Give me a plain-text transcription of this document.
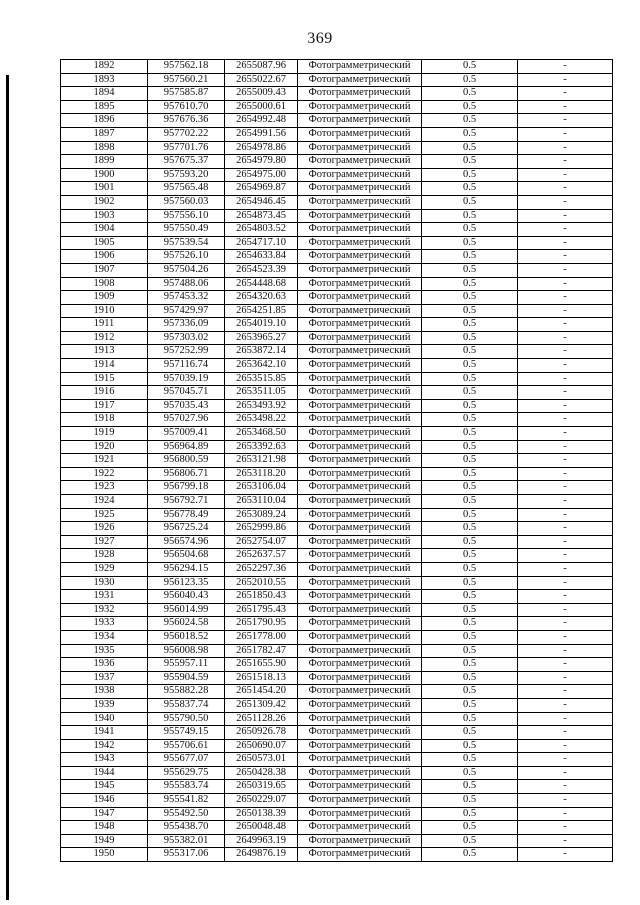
369
1892	957562.18	2655087.96	Фотограмметрический	0.5	-
1893	957560.21	2655022.67	Фотограмметрический	0.5	-
1894	957585.87	2655009.43	Фотограмметрический	0.5	-
1895	957610.70	2655000.61	Фотограмметрический	0.5	-
1896	957676.36	2654992.48	Фотограмметрический	0.5	-
1897	957702.22	2654991.56	Фотограмметрический	0.5	-
1898	957701.76	2654978.86	Фотограмметрический	0.5	-
1899	957675.37	2654979.80	Фотограмметрический	0.5	-
1900	957593.20	2654975.00	Фотограмметрический	0.5	-
1901	957565.48	2654969.87	Фотограмметрический	0.5	-
1902	957560.03	2654946.45	Фотограмметрический	0.5	-
1903	957556.10	2654873.45	Фотограмметрический	0.5	-
1904	957550.49	2654803.52	Фотограмметрический	0.5	-
1905	957539.54	2654717.10	Фотограмметрический	0.5	-
1906	957526.10	2654633.84	Фотограмметрический	0.5	-
1907	957504.26	2654523.39	Фотограмметрический	0.5	-
1908	957488.06	2654448.68	Фотограмметрический	0.5	-
1909	957453.32	2654320.63	Фотограмметрический	0.5	-
1910	957429.97	2654251.85	Фотограмметрический	0.5	-
1911	957336.09	2654019.10	Фотограмметрический	0.5	-
1912	957303.02	2653965.27	Фотограмметрический	0.5	-
1913	957252.99	2653872.14	Фотограмметрический	0.5	-
1914	957116.74	2653642.10	Фотограмметрический	0.5	-
1915	957039.19	2653515.85	Фотограмметрический	0.5	-
1916	957045.71	2653511.05	Фотограмметрический	0.5	-
1917	957035.43	2653493.92	Фотограмметрический	0.5	-
1918	957027.96	2653498.22	Фотограмметрический	0.5	-
1919	957009.41	2653468.50	Фотограмметрический	0.5	-
1920	956964.89	2653392.63	Фотограмметрический	0.5	-
1921	956800.59	2653121.98	Фотограмметрический	0.5	-
1922	956806.71	2653118.20	Фотограмметрический	0.5	-
1923	956799.18	2653106.04	Фотограмметрический	0.5	-
1924	956792.71	2653110.04	Фотограмметрический	0.5	-
1925	956778.49	2653089.24	Фотограмметрический	0.5	-
1926	956725.24	2652999.86	Фотограмметрический	0.5	-
1927	956574.96	2652754.07	Фотограмметрический	0.5	-
1928	956504.68	2652637.57	Фотограмметрический	0.5	-
1929	956294.15	2652297.36	Фотограмметрический	0.5	-
1930	956123.35	2652010.55	Фотограмметрический	0.5	-
1931	956040.43	2651850.43	Фотограмметрический	0.5	-
1932	956014.99	2651795.43	Фотограмметрический	0.5	-
1933	956024.58	2651790.95	Фотограмметрический	0.5	-
1934	956018.52	2651778.00	Фотограмметрический	0.5	-
1935	956008.98	2651782.47	Фотограмметрический	0.5	-
1936	955957.11	2651655.90	Фотограмметрический	0.5	-
1937	955904.59	2651518.13	Фотограмметрический	0.5	-
1938	955882.28	2651454.20	Фотограмметрический	0.5	-
1939	955837.74	2651309.42	Фотограмметрический	0.5	-
1940	955790.50	2651128.26	Фотограмметрический	0.5	-
1941	955749.15	2650926.78	Фотограмметрический	0.5	-
1942	955706.61	2650690.07	Фотограмметрический	0.5	-
1943	955677.07	2650573.01	Фотограмметрический	0.5	-
1944	955629.75	2650428.38	Фотограмметрический	0.5	-
1945	955583.74	2650319.65	Фотограмметрический	0.5	-
1946	955541.82	2650229.07	Фотограмметрический	0.5	-
1947	955492.50	2650138.39	Фотограмметрический	0.5	-
1948	955438.70	2650048.48	Фотограмметрический	0.5	-
1949	955382.01	2649963.19	Фотограмметрический	0.5	-
1950	955317.06	2649876.19	Фотограмметрический	0.5	-
